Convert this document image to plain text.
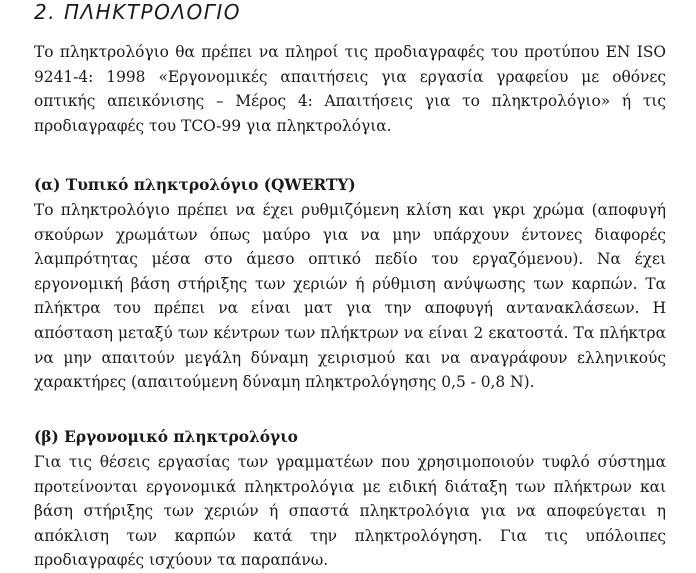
2. ΠΛΗΚΤΡΟΛΟΓΙΟ

Το πληκτρολόγιο θα πρέπει να πληροί τις προδιαγραφές του προτύπου EN ISO 9241-4: 1998 «Εργονομικές απαιτήσεις για εργασία γραφείου με οθόνες οπτικής απεικόνισης – Μέρος 4: Απαιτήσεις για το πληκτρολόγιο» ή τις προδιαγραφές του TCO-99 για πληκτρολόγια.

(α) Τυπικό πληκτρολόγιο (QWERTY)

Το πληκτρολόγιο πρέπει να έχει ρυθμιζόμενη κλίση και γκρι χρώμα (αποφυγή σκούρων χρωμάτων όπως μαύρο για να μην υπάρχουν έντονες διαφορές λαμπρότητας μέσα στο άμεσο οπτικό πεδίο του εργαζόμενου). Να έχει εργονομική βάση στήριξης των χεριών ή ρύθμιση ανύψωσης των καρπών. Τα πλήκτρα του πρέπει να είναι ματ για την αποφυγή αντανακλάσεων. Η απόσταση μεταξύ των κέντρων των πλήκτρων να είναι 2 εκατοστά. Τα πλήκτρα να μην απαιτούν μεγάλη δύναμη χειρισμού και να αναγράφουν ελληνικούς χαρακτήρες (απαιτούμενη δύναμη πληκτρολόγησης 0,5 - 0,8 N).

(β) Εργονομικό πληκτρολόγιο

Για τις θέσεις εργασίας των γραμματέων που χρησιμοποιούν τυφλό σύστημα προτείνονται εργονομικά πληκτρολόγια με ειδική διάταξη των πλήκτρων και βάση στήριξης των χεριών ή σπαστά πληκτρολόγια για να αποφεύγεται η απόκλιση των καρπών κατά την πληκτρολόγηση. Για τις υπόλοιπες προδιαγραφές ισχύουν τα παραπάνω.
